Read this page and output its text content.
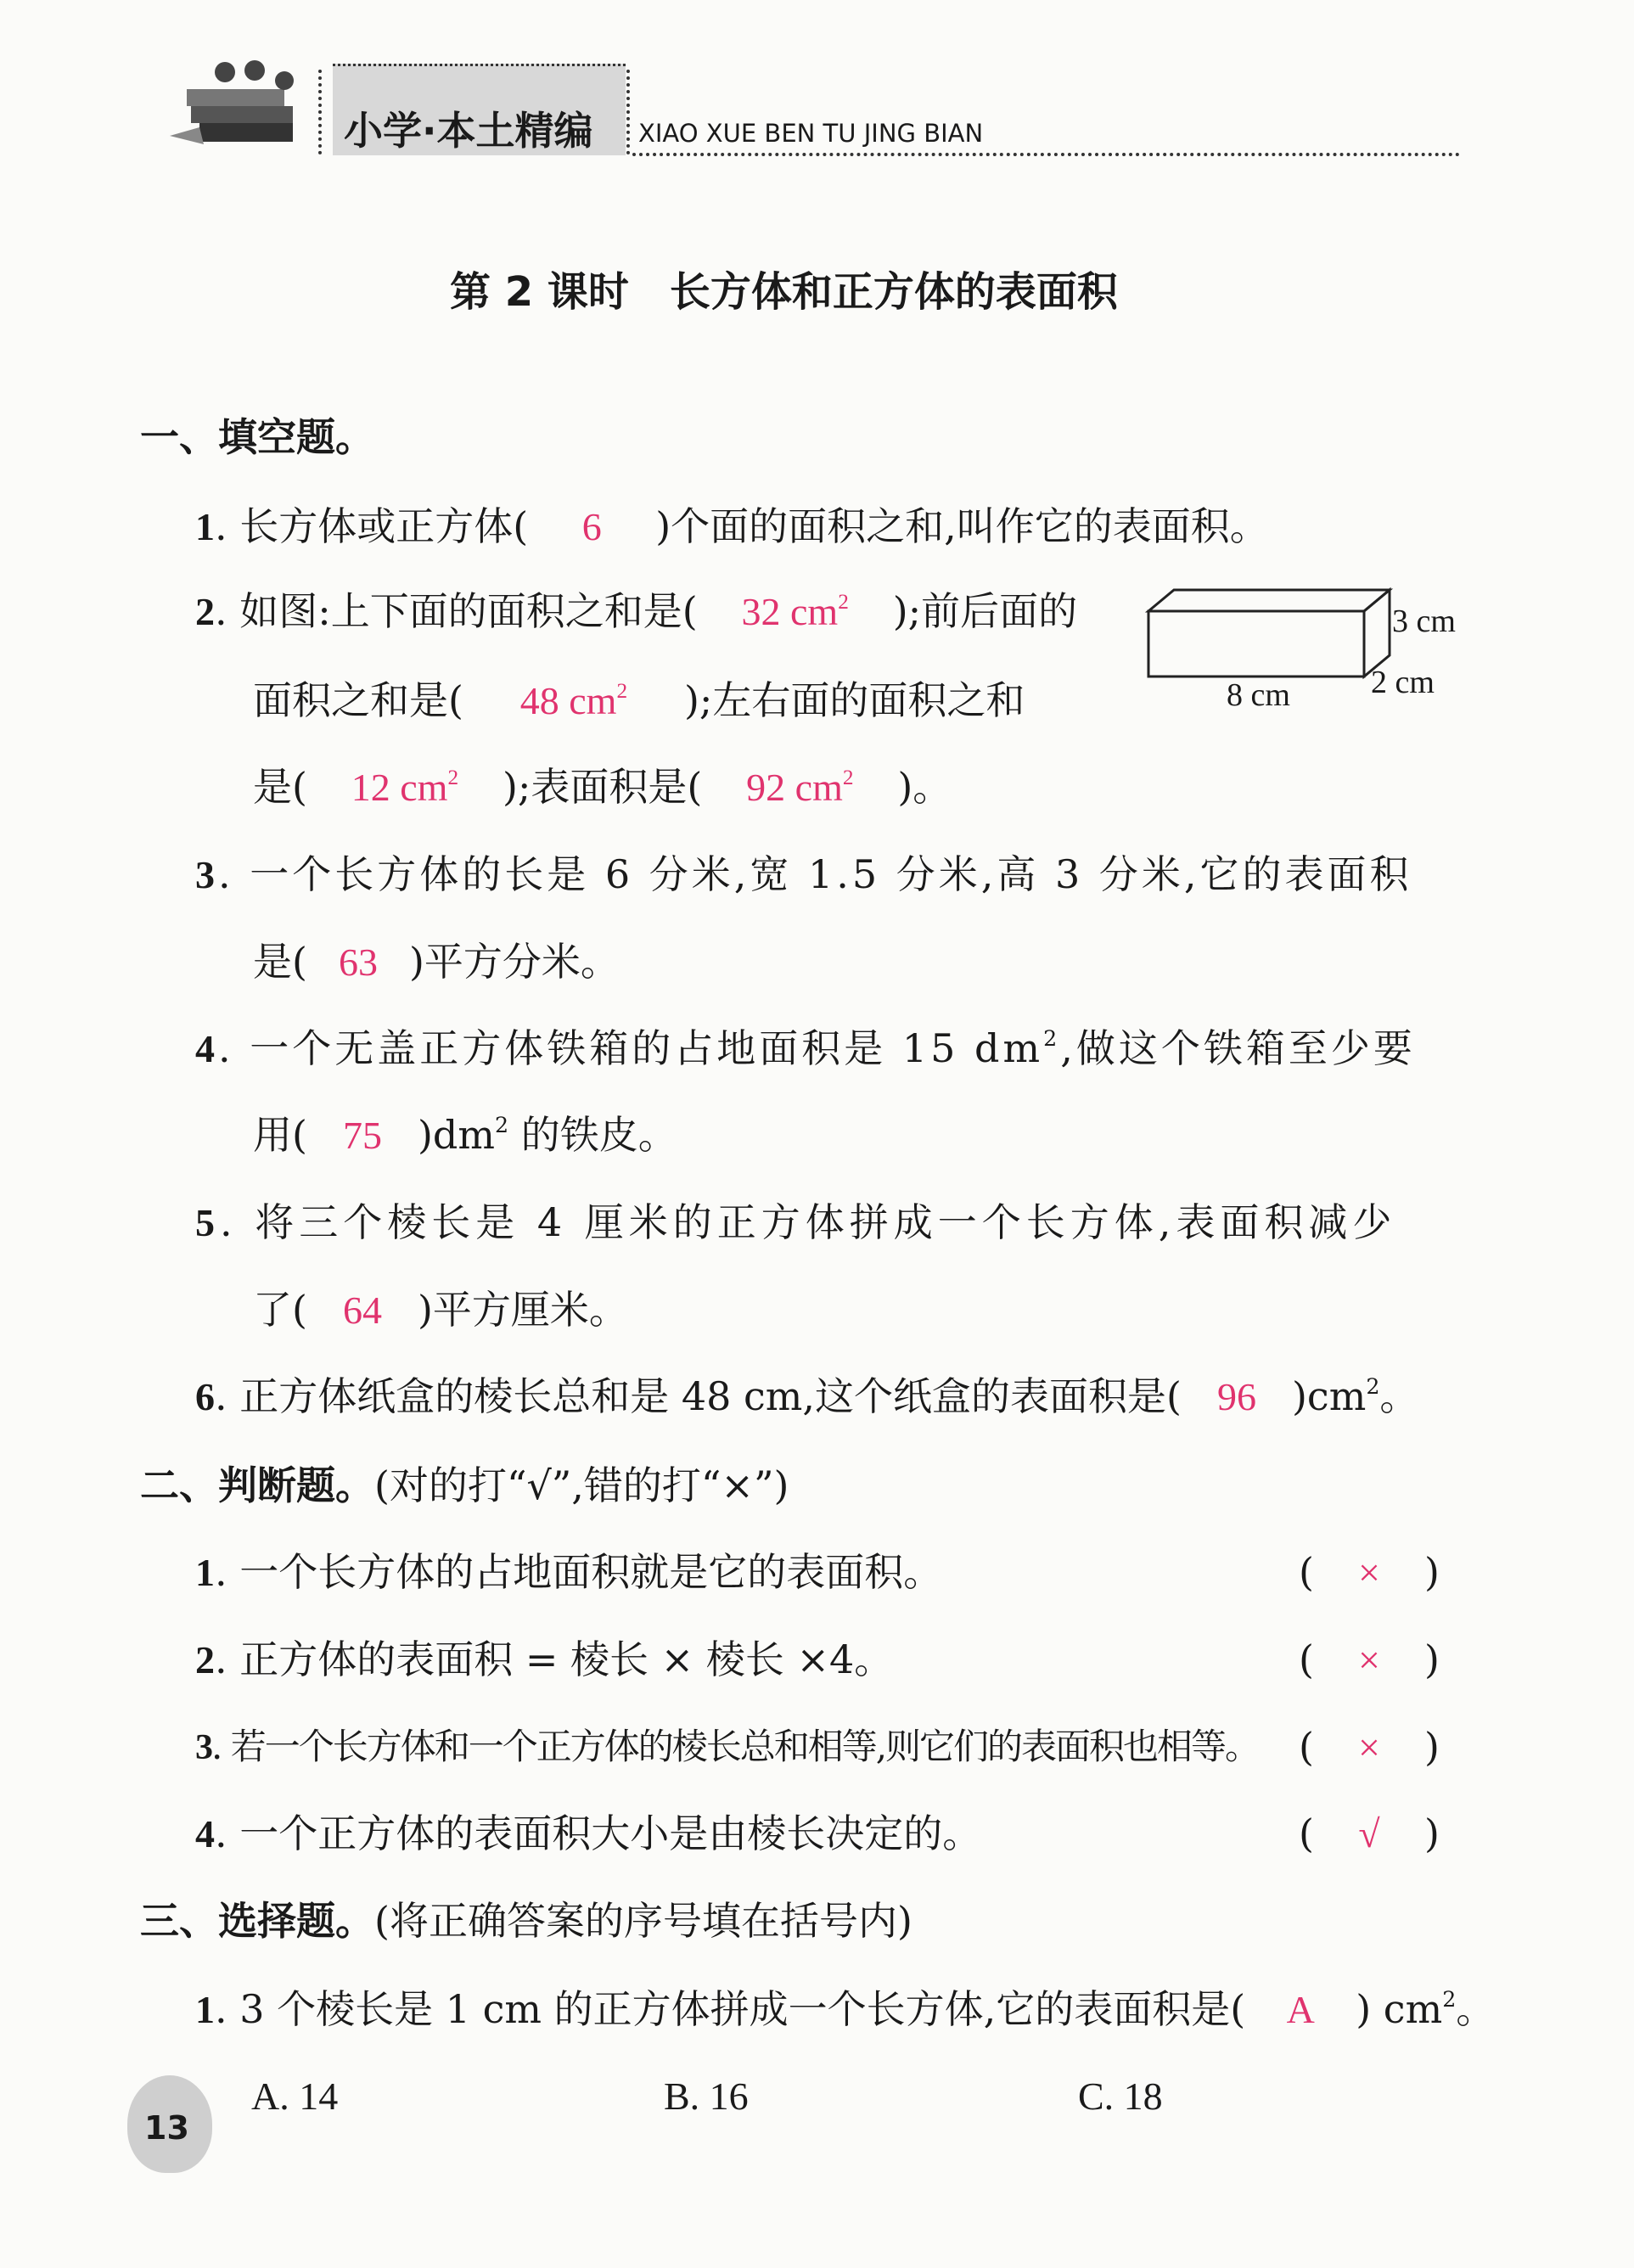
小学·本土精编 XIAO XUE BEN TU JING BIAN
第 2 课时　长方体和正方体的表面积
一、填空题。
1. 长方体或正方体( 6 )个面的面积之和,叫作它的表面积。
2. 如图:上下面的面积之和是( 32 $cm^2$ );前后面的
面积之和是( 48 $cm^2$ );左右面的面积之和
是( 12 $cm^2$ );表面积是( 92 $cm^2$ )。
3 cm
2 cm
8 cm
3. 一个长方体的长是 6 分米,宽 1.5 分米,高 3 分米,它的表面积
是( 63 )平方分米。
4. 一个无盖正方体铁箱的占地面积是 15 $dm^2$,做这个铁箱至少要
用( 75 )$dm^2$ 的铁皮。
5. 将三个棱长是 4 厘米的正方体拼成一个长方体,表面积减少
了( 64 )平方厘米。
6. 正方体纸盒的棱长总和是 48 cm,这个纸盒的表面积是( 96 )$cm^2$。
二、判断题。(对的打“√”,错的打“×”)
1. 一个长方体的占地面积就是它的表面积。	( × )
2. 正方体的表面积 = 棱长 × 棱长 ×4。	( × )
3. 若一个长方体和一个正方体的棱长总和相等,则它们的表面积也相等。 ( × )
4. 一个正方体的表面积大小是由棱长决定的。	( √ )
三、选择题。(将正确答案的序号填在括号内)
1. 3 个棱长是 1 cm 的正方体拼成一个长方体,它的表面积是( A ) $cm^2$。
A. 14	B. 16	C. 18
13
